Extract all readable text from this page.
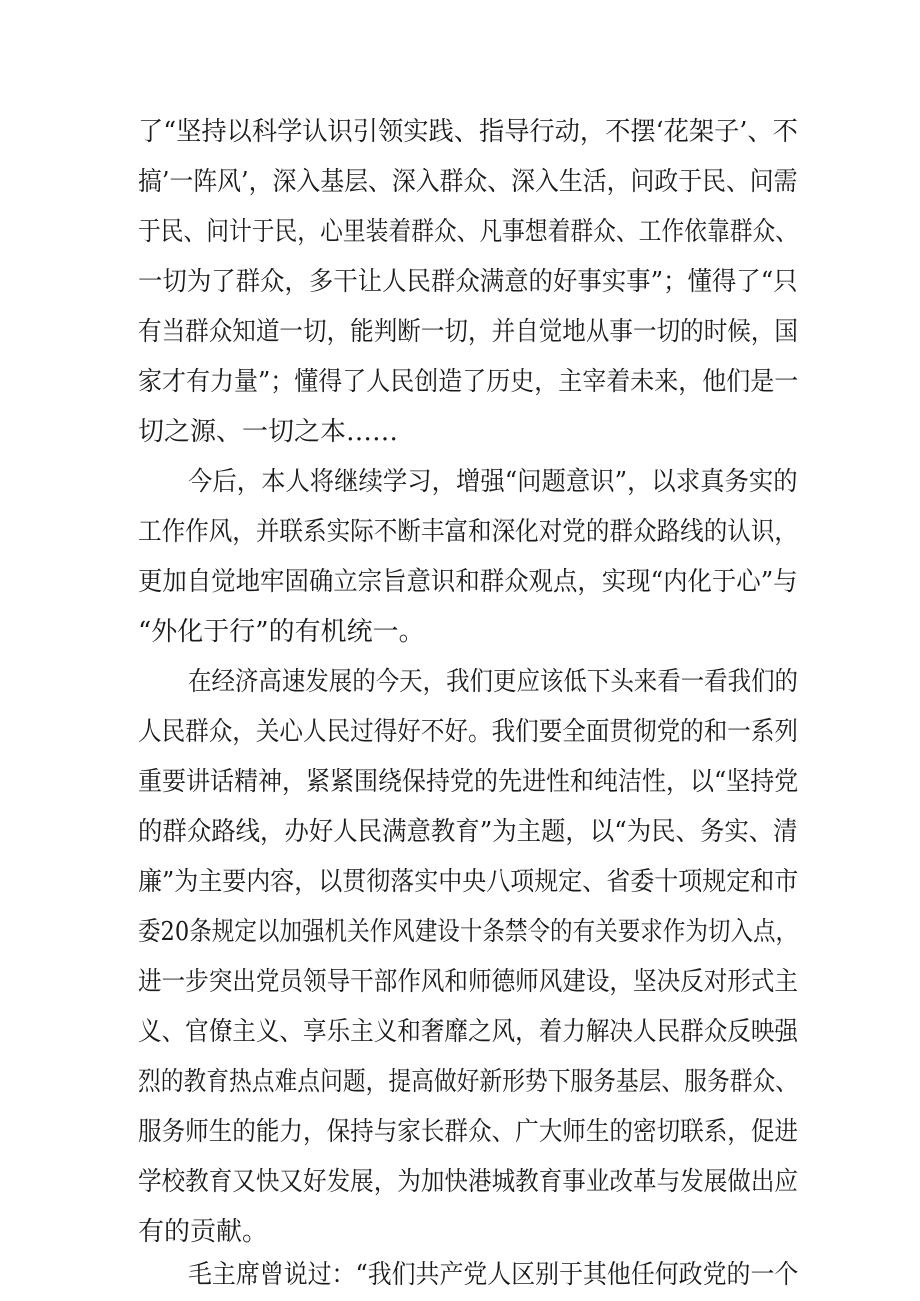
了“坚持以科学认识引领实践、指导行动，不摆‘花架子’、不
搞’一阵风’，深入基层、深入群众、深入生活，问政于民、问需
于民、问计于民，心里装着群众、凡事想着群众、工作依靠群众、
一切为了群众，多干让人民群众满意的好事实事”；懂得了“只
有当群众知道一切，能判断一切，并自觉地从事一切的时候，国
家才有力量”；懂得了人民创造了历史，主宰着未来，他们是一
切之源、一切之本……
今后，本人将继续学习，增强“问题意识”，以求真务实的
工作作风，并联系实际不断丰富和深化对党的群众路线的认识，
更加自觉地牢固确立宗旨意识和群众观点，实现“内化于心”与
“外化于行”的有机统一。
在经济高速发展的今天，我们更应该低下头来看一看我们的
人民群众，关心人民过得好不好。我们要全面贯彻党的和一系列
重要讲话精神，紧紧围绕保持党的先进性和纯洁性，以“坚持党
的群众路线，办好人民满意教育”为主题，以“为民、务实、清
廉”为主要内容，以贯彻落实中央八项规定、省委十项规定和市
委20条规定以加强机关作风建设十条禁令的有关要求作为切入点，
进一步突出党员领导干部作风和师德师风建设，坚决反对形式主
义、官僚主义、享乐主义和奢靡之风，着力解决人民群众反映强
烈的教育热点难点问题，提高做好新形势下服务基层、服务群众、
服务师生的能力，保持与家长群众、广大师生的密切联系，促进
学校教育又快又好发展，为加快港城教育事业改革与发展做出应
有的贡献。
毛主席曾说过：“我们共产党人区别于其他任何政党的一个
